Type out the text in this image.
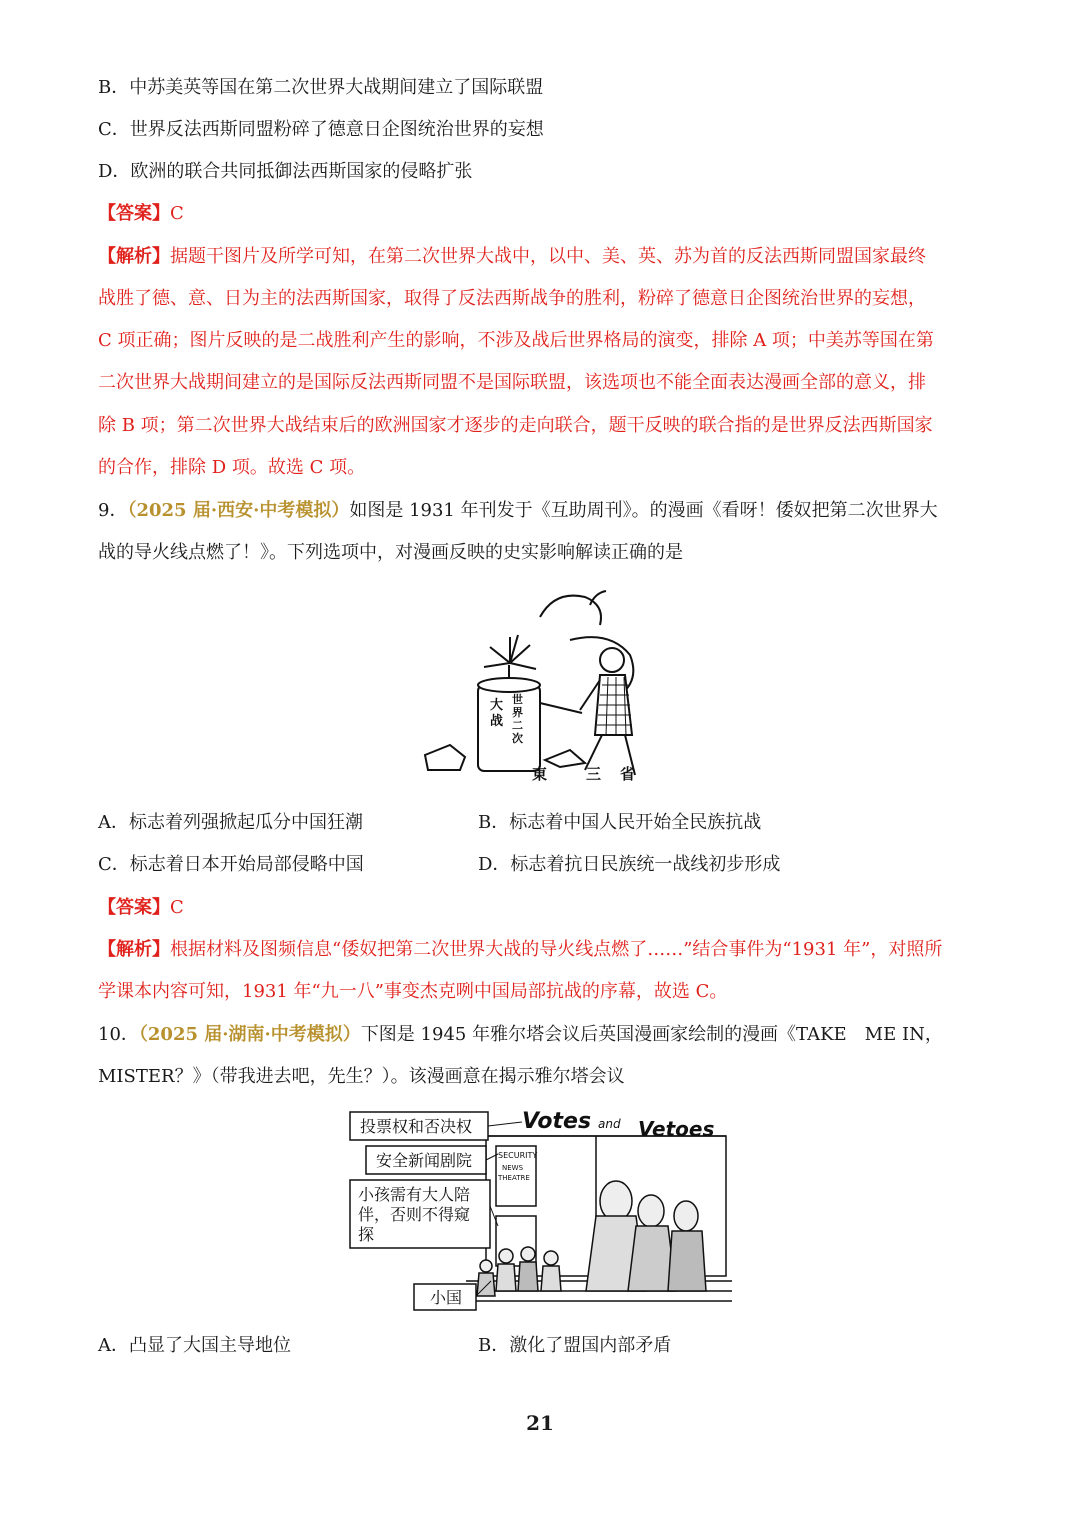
B．中苏美英等国在第二次世界大战期间建立了国际联盟
C．世界反法西斯同盟粉碎了德意日企图统治世界的妄想
D．欧洲的联合共同抵御法西斯国家的侵略扩张
【答案】C
【解析】据题干图片及所学可知，在第二次世界大战中，以中、美、英、苏为首的反法西斯同盟国家最终
战胜了德、意、日为主的法西斯国家，取得了反法西斯战争的胜利，粉碎了德意日企图统治世界的妄想，
C 项正确；图片反映的是二战胜利产生的影响，不涉及战后世界格局的演变，排除 A 项；中美苏等国在第
二次世界大战期间建立的是国际反法西斯同盟不是国际联盟，该选项也不能全面表达漫画全部的意义，排
除 B 项；第二次世界大战结束后的欧洲国家才逐步的走向联合，题干反映的联合指的是世界反法西斯国家
的合作，排除 D 项。故选 C 项。
9．（2025 届·西安·中考模拟）如图是 1931 年刊发于《互助周刊》。的漫画《看呀！倭奴把第二次世界大
战的导火线点燃了！》。下列选项中，对漫画反映的史实影响解读正确的是
大
战
世
界
二
次
東	三 省
A．标志着列强掀起瓜分中国狂潮	B．标志着中国人民开始全民族抗战
C．标志着日本开始局部侵略中国	D．标志着抗日民族统一战线初步形成
【答案】C
【解析】根据材料及图频信息“倭奴把第二次世界大战的导火线点燃了……”结合事件为“1931 年”，对照所
学课本内容可知，1931 年“九一八”事变杰克咧中国局部抗战的序幕，故选 C。
10．（2025 届·湖南·中考模拟）下图是 1945 年雅尔塔会议后英国漫画家绘制的漫画《TAKE　ME IN，
MISTER？》（带我进去吧，先生？）。该漫画意在揭示雅尔塔会议
Votes and Vetoes
SECURITY
NEWS
THEATRE
投票权和否决权
安全新闻剧院
小孩需有大人陪
伴，否则不得窥
探
小国
A．凸显了大国主导地位	B．激化了盟国内部矛盾
21
